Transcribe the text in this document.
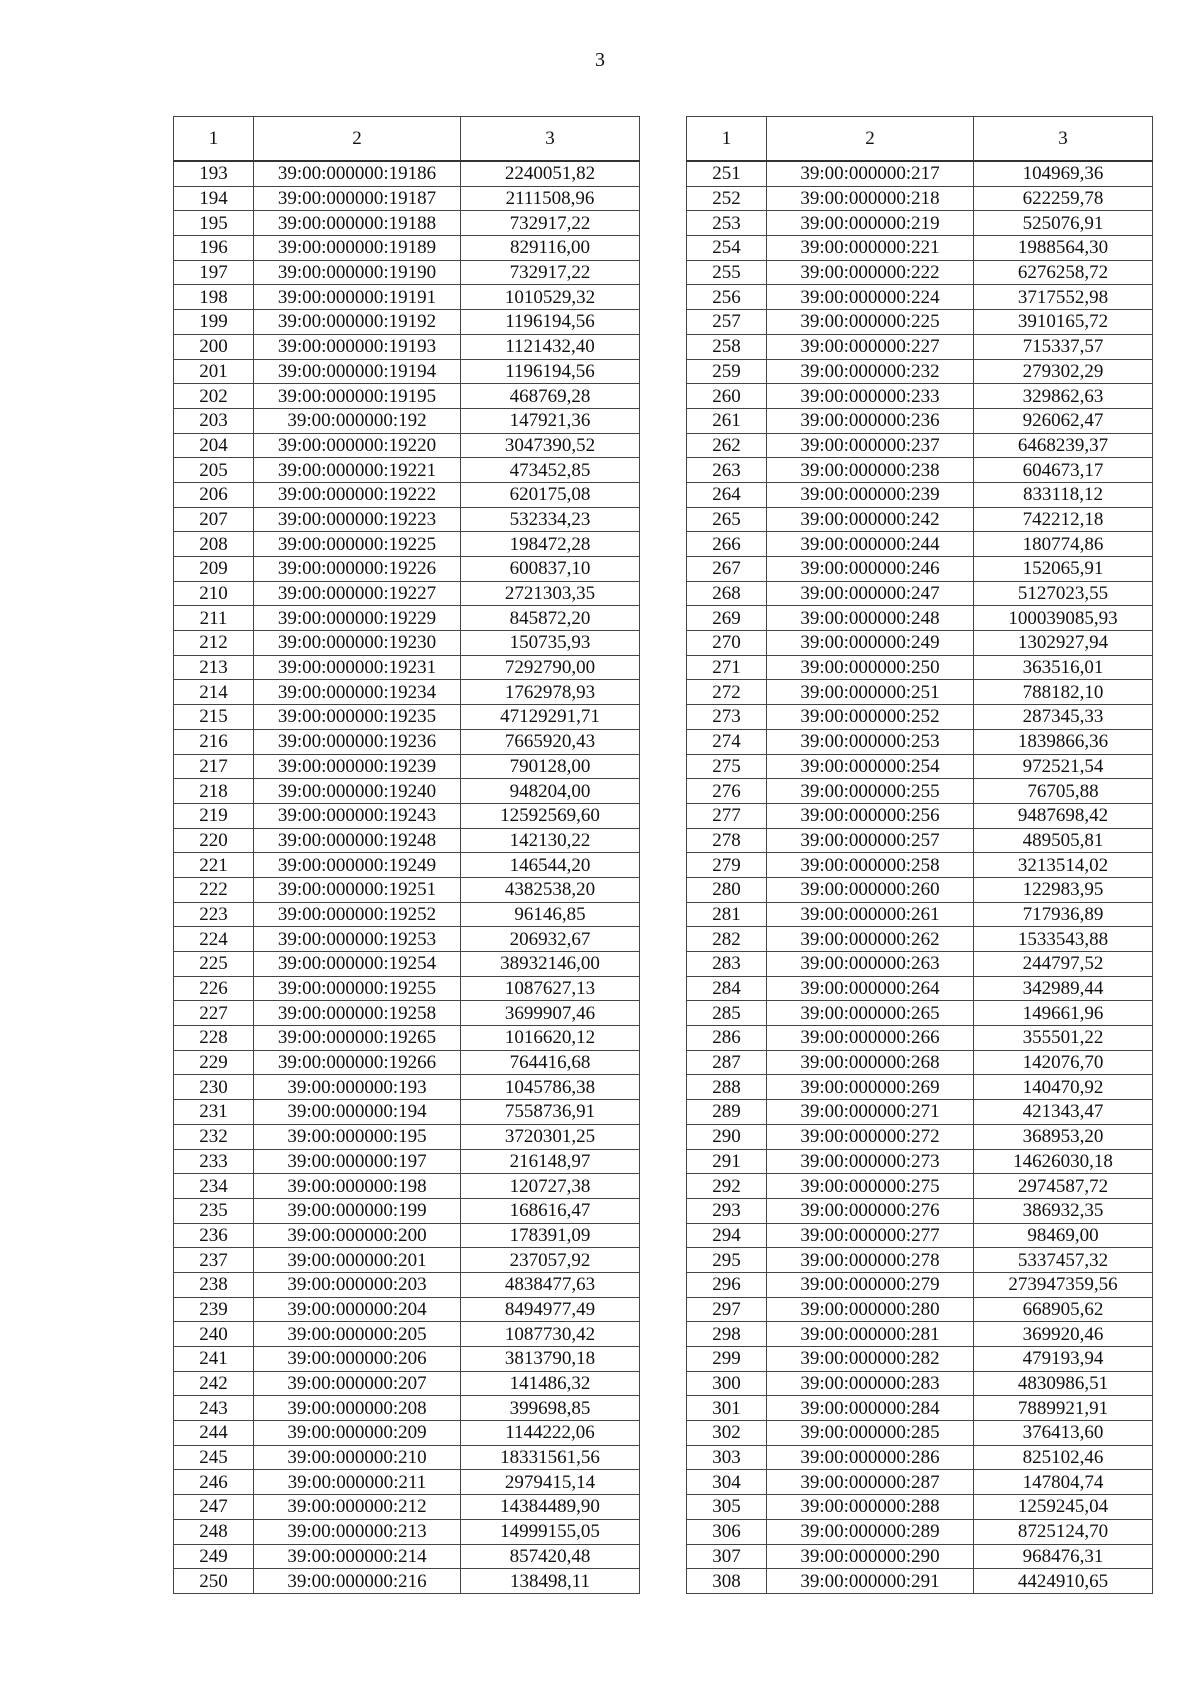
3
1	2	3
193	39:00:000000:19186	2240051,82
194	39:00:000000:19187	2111508,96
195	39:00:000000:19188	732917,22
196	39:00:000000:19189	829116,00
197	39:00:000000:19190	732917,22
198	39:00:000000:19191	1010529,32
199	39:00:000000:19192	1196194,56
200	39:00:000000:19193	1121432,40
201	39:00:000000:19194	1196194,56
202	39:00:000000:19195	468769,28
203	39:00:000000:192	147921,36
204	39:00:000000:19220	3047390,52
205	39:00:000000:19221	473452,85
206	39:00:000000:19222	620175,08
207	39:00:000000:19223	532334,23
208	39:00:000000:19225	198472,28
209	39:00:000000:19226	600837,10
210	39:00:000000:19227	2721303,35
211	39:00:000000:19229	845872,20
212	39:00:000000:19230	150735,93
213	39:00:000000:19231	7292790,00
214	39:00:000000:19234	1762978,93
215	39:00:000000:19235	47129291,71
216	39:00:000000:19236	7665920,43
217	39:00:000000:19239	790128,00
218	39:00:000000:19240	948204,00
219	39:00:000000:19243	12592569,60
220	39:00:000000:19248	142130,22
221	39:00:000000:19249	146544,20
222	39:00:000000:19251	4382538,20
223	39:00:000000:19252	96146,85
224	39:00:000000:19253	206932,67
225	39:00:000000:19254	38932146,00
226	39:00:000000:19255	1087627,13
227	39:00:000000:19258	3699907,46
228	39:00:000000:19265	1016620,12
229	39:00:000000:19266	764416,68
230	39:00:000000:193	1045786,38
231	39:00:000000:194	7558736,91
232	39:00:000000:195	3720301,25
233	39:00:000000:197	216148,97
234	39:00:000000:198	120727,38
235	39:00:000000:199	168616,47
236	39:00:000000:200	178391,09
237	39:00:000000:201	237057,92
238	39:00:000000:203	4838477,63
239	39:00:000000:204	8494977,49
240	39:00:000000:205	1087730,42
241	39:00:000000:206	3813790,18
242	39:00:000000:207	141486,32
243	39:00:000000:208	399698,85
244	39:00:000000:209	1144222,06
245	39:00:000000:210	18331561,56
246	39:00:000000:211	2979415,14
247	39:00:000000:212	14384489,90
248	39:00:000000:213	14999155,05
249	39:00:000000:214	857420,48
250	39:00:000000:216	138498,11
1	2	3
251	39:00:000000:217	104969,36
252	39:00:000000:218	622259,78
253	39:00:000000:219	525076,91
254	39:00:000000:221	1988564,30
255	39:00:000000:222	6276258,72
256	39:00:000000:224	3717552,98
257	39:00:000000:225	3910165,72
258	39:00:000000:227	715337,57
259	39:00:000000:232	279302,29
260	39:00:000000:233	329862,63
261	39:00:000000:236	926062,47
262	39:00:000000:237	6468239,37
263	39:00:000000:238	604673,17
264	39:00:000000:239	833118,12
265	39:00:000000:242	742212,18
266	39:00:000000:244	180774,86
267	39:00:000000:246	152065,91
268	39:00:000000:247	5127023,55
269	39:00:000000:248	100039085,93
270	39:00:000000:249	1302927,94
271	39:00:000000:250	363516,01
272	39:00:000000:251	788182,10
273	39:00:000000:252	287345,33
274	39:00:000000:253	1839866,36
275	39:00:000000:254	972521,54
276	39:00:000000:255	76705,88
277	39:00:000000:256	9487698,42
278	39:00:000000:257	489505,81
279	39:00:000000:258	3213514,02
280	39:00:000000:260	122983,95
281	39:00:000000:261	717936,89
282	39:00:000000:262	1533543,88
283	39:00:000000:263	244797,52
284	39:00:000000:264	342989,44
285	39:00:000000:265	149661,96
286	39:00:000000:266	355501,22
287	39:00:000000:268	142076,70
288	39:00:000000:269	140470,92
289	39:00:000000:271	421343,47
290	39:00:000000:272	368953,20
291	39:00:000000:273	14626030,18
292	39:00:000000:275	2974587,72
293	39:00:000000:276	386932,35
294	39:00:000000:277	98469,00
295	39:00:000000:278	5337457,32
296	39:00:000000:279	273947359,56
297	39:00:000000:280	668905,62
298	39:00:000000:281	369920,46
299	39:00:000000:282	479193,94
300	39:00:000000:283	4830986,51
301	39:00:000000:284	7889921,91
302	39:00:000000:285	376413,60
303	39:00:000000:286	825102,46
304	39:00:000000:287	147804,74
305	39:00:000000:288	1259245,04
306	39:00:000000:289	8725124,70
307	39:00:000000:290	968476,31
308	39:00:000000:291	4424910,65
